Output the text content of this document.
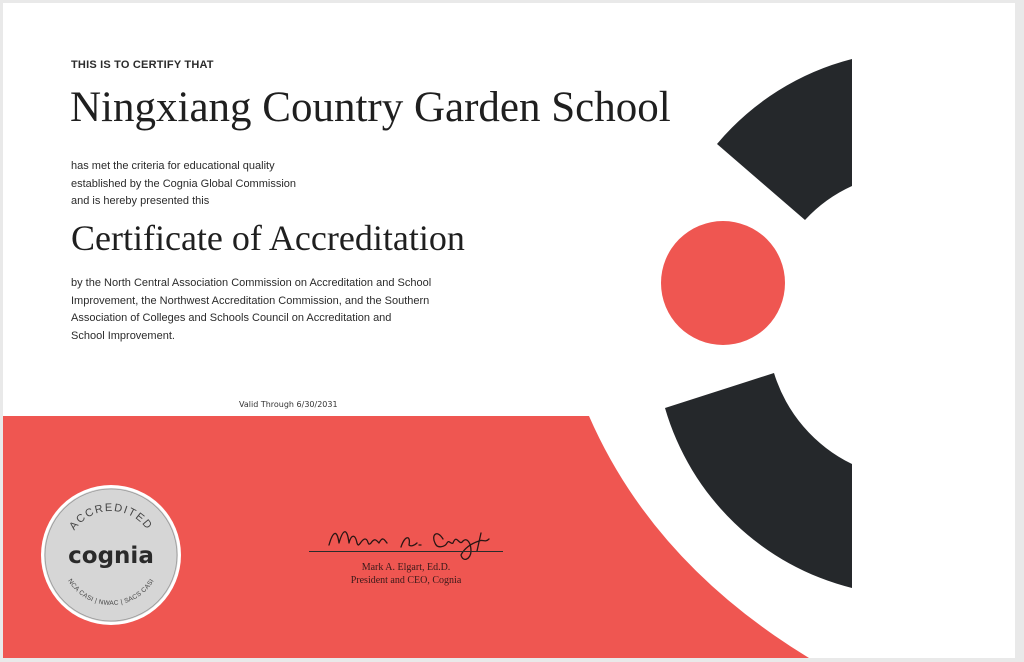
THIS IS TO CERTIFY THAT

Ningxiang Country Garden School

has met the criteria for educational quality
established by the Cognia Global Commission
and is hereby presented this

Certificate of Accreditation

by the North Central Association Commission on Accreditation and School
Improvement, the Northwest Accreditation Commission, and the Southern
Association of Colleges and Schools Council on Accreditation and
School Improvement.

Valid Through 6/30/2031

ACCREDITED
cognia
NCA CASI | NWAC | SACS CASI
Mark A. Elgart, Ed.D.
President and CEO, Cognia
